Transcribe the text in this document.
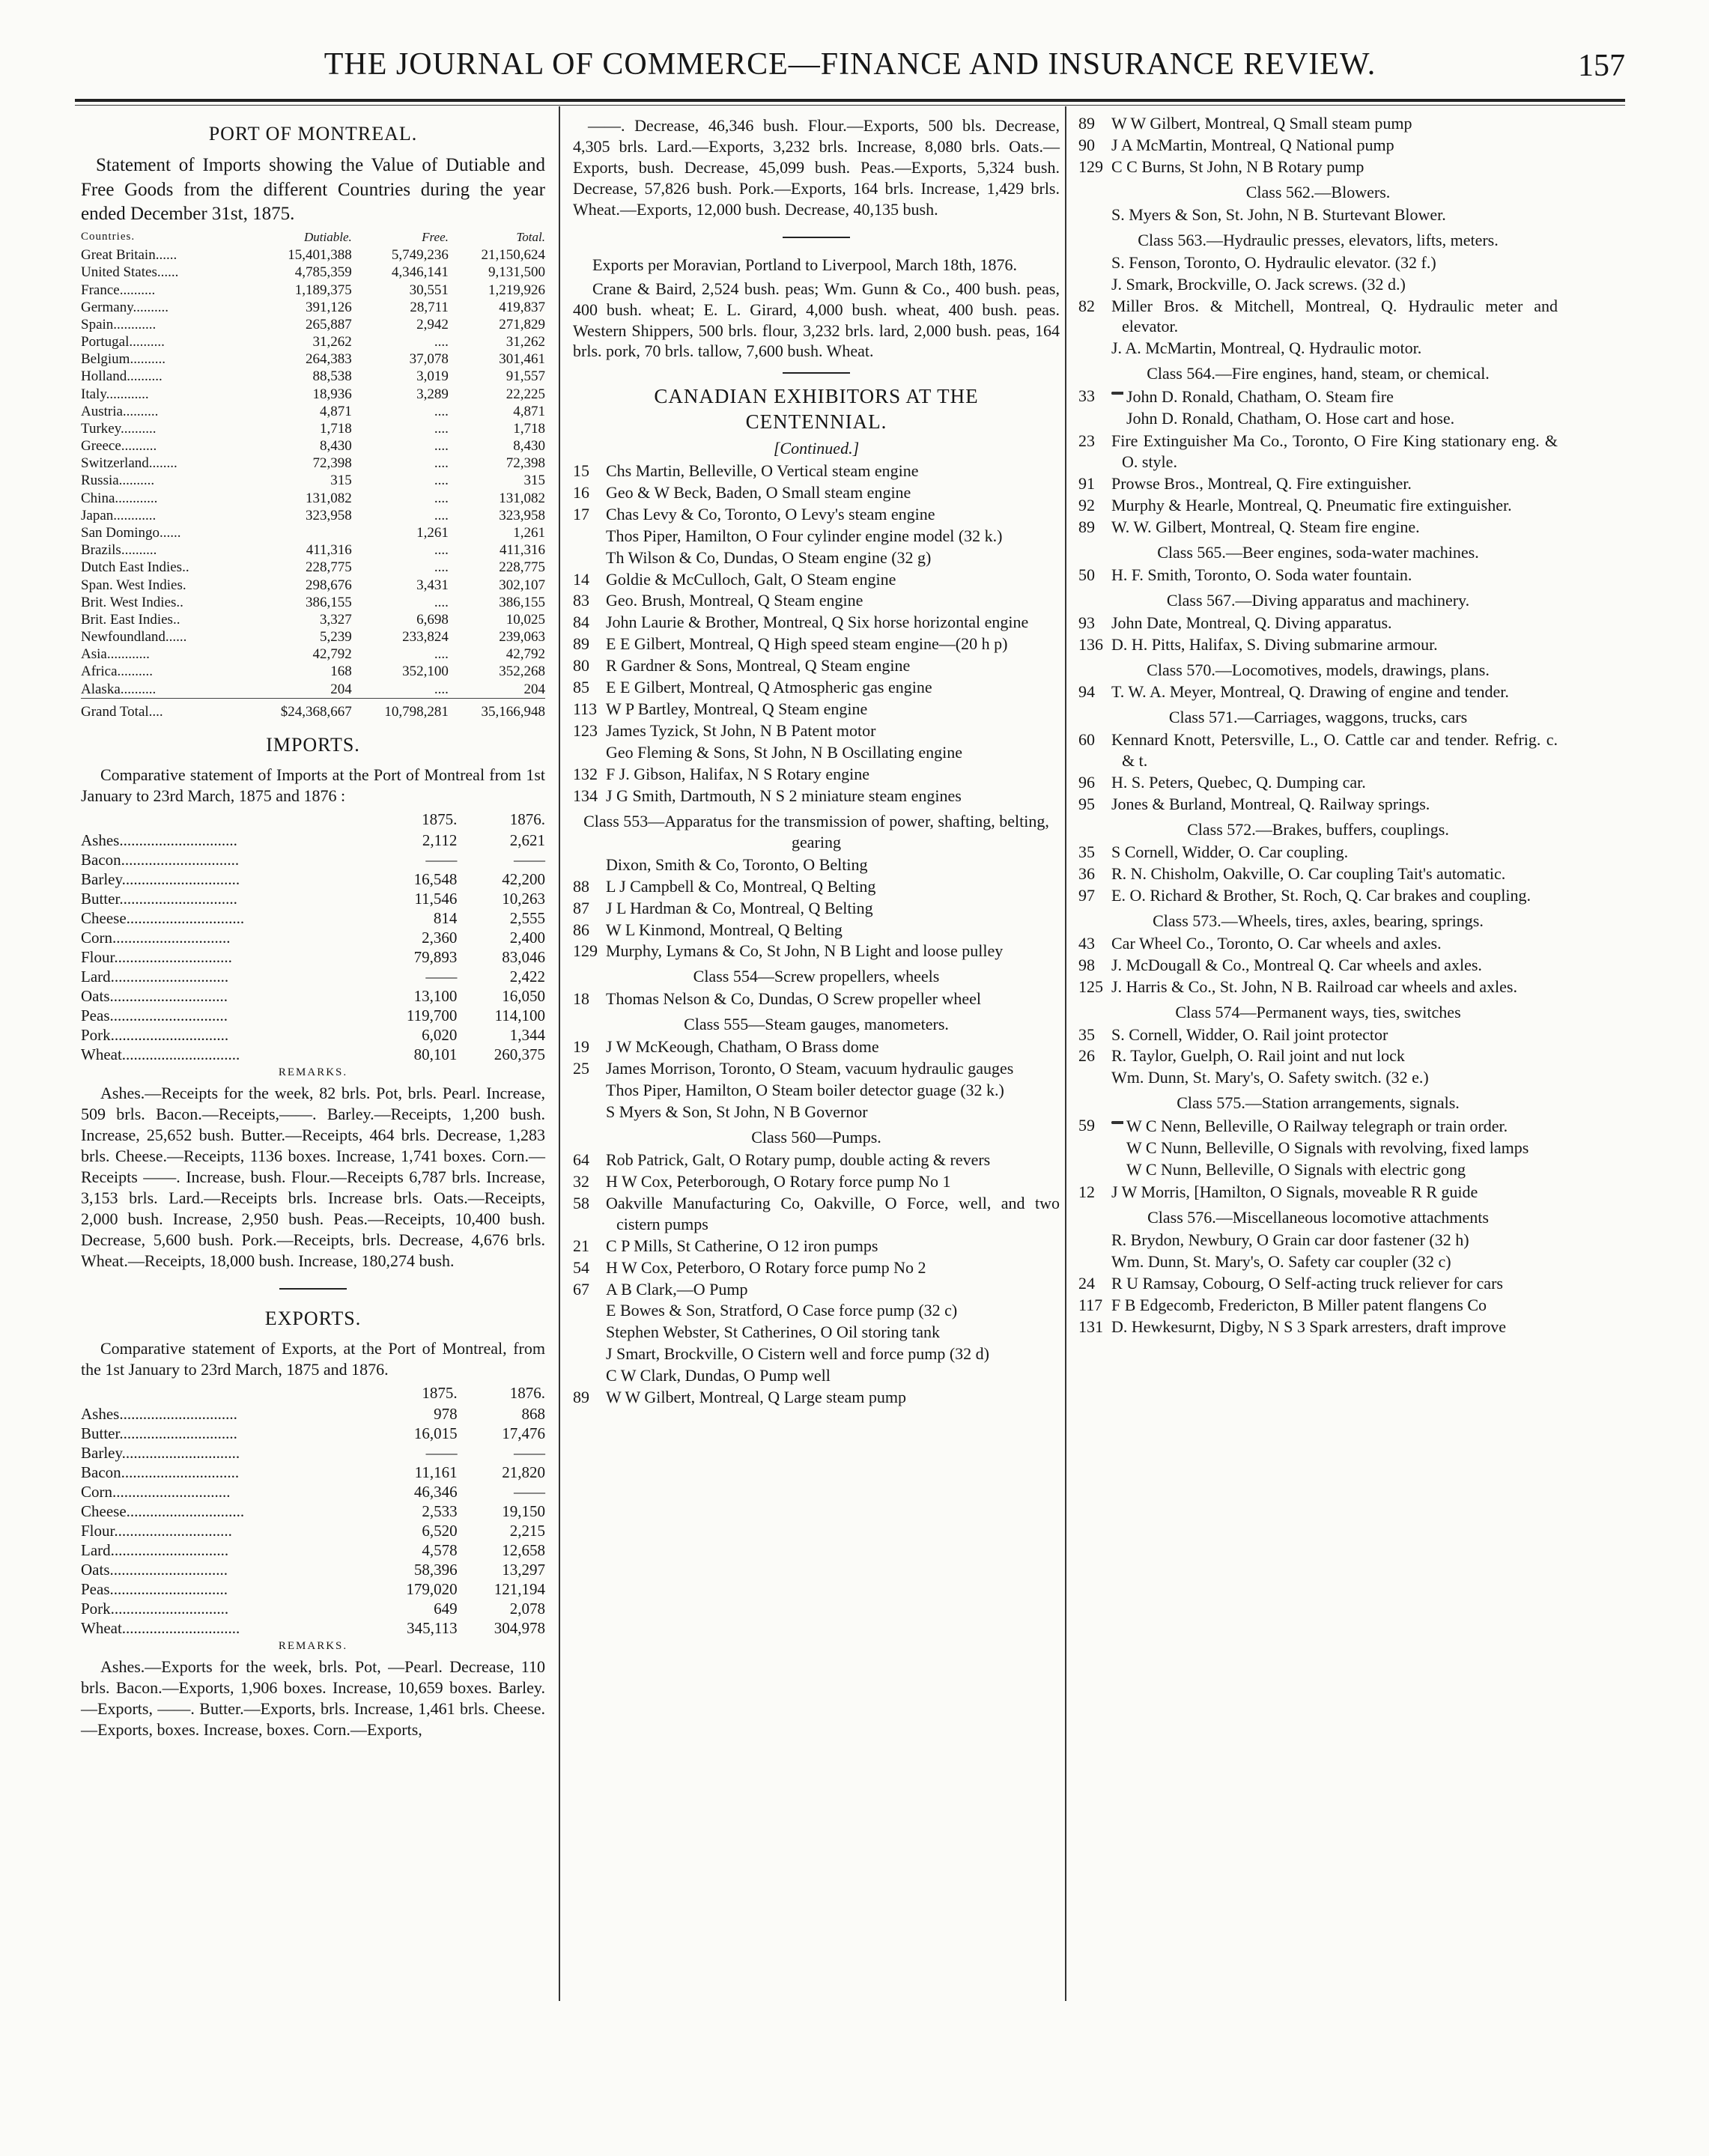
THE JOURNAL OF COMMERCE—FINANCE AND INSURANCE REVIEW.	157
PORT OF MONTREAL.
Statement of Imports showing the Value of Dutiable and Free Goods from the different Countries during the year ended December 31st, 1875.
Countries.	Dutiable.	Free.	Total.
Great Britain......	15,401,388	5,749,236	21,150,624
United States......	4,785,359	4,346,141	9,131,500
France..........	1,189,375	30,551	1,219,926
Germany..........	391,126	28,711	419,837
Spain............	265,887	2,942	271,829
Portugal..........	31,262	....	31,262
Belgium..........	264,383	37,078	301,461
Holland..........	88,538	3,019	91,557
Italy............	18,936	3,289	22,225
Austria..........	4,871	....	4,871
Turkey..........	1,718	....	1,718
Greece..........	8,430	....	8,430
Switzerland........	72,398	....	72,398
Russia..........	315	....	315
China............	131,082	....	131,082
Japan............	323,958	....	323,958
San Domingo......		1,261	1,261
Brazils..........	411,316	....	411,316
Dutch East Indies..	228,775	....	228,775
Span. West Indies.	298,676	3,431	302,107
Brit. West Indies..	386,155	....	386,155
Brit. East Indies..	3,327	6,698	10,025
Newfoundland......	5,239	233,824	239,063
Asia............	42,792	....	42,792
Africa..........	168	352,100	352,268
Alaska..........	204	....	204
Grand Total....	$24,368,667	10,798,281	35,166,948
IMPORTS.
Comparative statement of Imports at the Port of Montreal from 1st January to 23rd March, 1875 and 1876 :
	1875.	1876.
Ashes..............................	2,112	2,621
Bacon..............................	——	——
Barley..............................	16,548	42,200
Butter..............................	11,546	10,263
Cheese..............................	814	2,555
Corn..............................	2,360	2,400
Flour..............................	79,893	83,046
Lard..............................	——	2,422
Oats..............................	13,100	16,050
Peas..............................	119,700	114,100
Pork..............................	6,020	1,344
Wheat..............................	80,101	260,375
REMARKS.
Ashes.—Receipts for the week, 82 brls. Pot, brls. Pearl. Increase, 509 brls. Bacon.—Receipts,——. Barley.—Receipts, 1,200 bush. Increase, 25,652 bush. Butter.—Receipts, 464 brls. Decrease, 1,283 brls. Cheese.—Receipts, 1136 boxes. Increase, 1,741 boxes. Corn.—Receipts ——. Increase, bush. Flour.—Receipts 6,787 brls. Increase, 3,153 brls. Lard.—Receipts brls. Increase brls. Oats.—Receipts, 2,000 bush. Increase, 2,950 bush. Peas.—Receipts, 10,400 bush. Decrease, 5,600 bush. Pork.—Receipts, brls. Decrease, 4,676 brls. Wheat.—Receipts, 18,000 bush. Increase, 180,274 bush.
EXPORTS.
Comparative statement of Exports, at the Port of Montreal, from the 1st January to 23rd March, 1875 and 1876.
	1875.	1876.
Ashes..............................	978	868
Butter..............................	16,015	17,476
Barley..............................	——	——
Bacon..............................	11,161	21,820
Corn..............................	46,346	——
Cheese..............................	2,533	19,150
Flour..............................	6,520	2,215
Lard..............................	4,578	12,658
Oats..............................	58,396	13,297
Peas..............................	179,020	121,194
Pork..............................	649	2,078
Wheat..............................	345,113	304,978
REMARKS.
Ashes.—Exports for the week, brls. Pot, —Pearl. Decrease, 110 brls. Bacon.—Exports, 1,906 boxes. Increase, 10,659 boxes. Barley.—Exports, ——. Butter.—Exports, brls. Increase, 1,461 brls. Cheese.—Exports, boxes. Increase, boxes. Corn.—Exports,
——. Decrease, 46,346 bush. Flour.—Exports, 500 bls. Decrease, 4,305 brls. Lard.—Exports, 3,232 brls. Increase, 8,080 brls. Oats.—Exports, bush. Decrease, 45,099 bush. Peas.—Exports, 5,324 bush. Decrease, 57,826 bush. Pork.—Exports, 164 brls. Increase, 1,429 brls. Wheat.—Exports, 12,000 bush. Decrease, 40,135 bush.
Exports per Moravian, Portland to Liverpool, March 18th, 1876.
Crane & Baird, 2,524 bush. peas; Wm. Gunn & Co., 400 bush. peas, 400 bush. wheat; E. L. Girard, 4,000 bush. wheat, 400 bush. peas. Western Shippers, 500 brls. flour, 3,232 brls. lard, 2,000 bush. peas, 164 brls. pork, 70 brls. tallow, 7,600 bush. Wheat.
CANADIAN EXHIBITORS AT THE CENTENNIAL.
[Continued.]
15	Chs Martin, Belleville, O Vertical steam engine
16	Geo & W Beck, Baden, O Small steam engine
17	Chas Levy & Co, Toronto, O Levy's steam engine
Thos Piper, Hamilton, O Four cylinder engine model (32 k.)
Th Wilson & Co, Dundas, O Steam engine (32 g)
14	Goldie & McCulloch, Galt, O Steam engine
83	Geo. Brush, Montreal, Q Steam engine
84	John Laurie & Brother, Montreal, Q Six horse horizontal engine
89	E E Gilbert, Montreal, Q High speed steam engine—(20 h p)
80	R Gardner & Sons, Montreal, Q Steam engine
85	E E Gilbert, Montreal, Q Atmospheric gas engine
113 W P Bartley, Montreal, Q Steam engine
123 James Tyzick, St John, N B Patent motor
Geo Fleming & Sons, St John, N B Oscillating engine
132 F J. Gibson, Halifax, N S Rotary engine
134 J G Smith, Dartmouth, N S 2 miniature steam engines
Class 553—Apparatus for the transmission of power, shafting, belting, gearing
Dixon, Smith & Co, Toronto, O Belting
88	L J Campbell & Co, Montreal, Q Belting
87	J L Hardman & Co, Montreal, Q Belting
86	W L Kinmond, Montreal, Q Belting
129 Murphy, Lymans & Co, St John, N B Light and loose pulley
Class 554—Screw propellers, wheels
18	Thomas Nelson & Co, Dundas, O Screw propeller wheel
Class 555—Steam gauges, manometers.
19	J W McKeough, Chatham, O Brass dome
25	James Morrison, Toronto, O Steam, vacuum hydraulic gauges
Thos Piper, Hamilton, O Steam boiler detector guage (32 k.)
S Myers & Son, St John, N B Governor
Class 560—Pumps.
64	Rob Patrick, Galt, O Rotary pump, double acting & revers
32	H W Cox, Peterborough, O Rotary force pump No 1
58	Oakville Manufacturing Co, Oakville, O Force, well, and two cistern pumps
21	C P Mills, St Catherine, O 12 iron pumps
54	H W Cox, Peterboro, O Rotary force pump No 2
67	A B Clark,—O Pump
E Bowes & Son, Stratford, O Case force pump (32 c)
Stephen Webster, St Catherines, O Oil storing tank
J Smart, Brockville, O Cistern well and force pump (32 d)
C W Clark, Dundas, O Pump well
89	W W Gilbert, Montreal, Q Large steam pump
89	W W Gilbert, Montreal, Q Small steam pump
90	J A McMartin, Montreal, Q National pump
129 C C Burns, St John, N B Rotary pump
Class 562.—Blowers.
S. Myers & Son, St. John, N B. Sturtevant Blower.
Class 563.—Hydraulic presses, elevators, lifts, meters.
S. Fenson, Toronto, O. Hydraulic elevator. (32 f.)
J. Smark, Brockville, O. Jack screws. (32 d.)
82	Miller Bros. & Mitchell, Montreal, Q. Hydraulic meter and elevator.
J. A. McMartin, Montreal, Q. Hydraulic motor.
Class 564.—Fire engines, hand, steam, or chemical.
33	John D. Ronald, Chatham, O. Steam fire
John D. Ronald, Chatham, O. Hose cart and hose.
23	Fire Extinguisher Ma Co., Toronto, O Fire King stationary eng. & O. style.
91	Prowse Bros., Montreal, Q. Fire extinguisher.
92	Murphy & Hearle, Montreal, Q. Pneumatic fire extinguisher.
89	W. W. Gilbert, Montreal, Q. Steam fire engine.
Class 565.—Beer engines, soda-water machines.
50	H. F. Smith, Toronto, O. Soda water fountain.
Class 567.—Diving apparatus and machinery.
93	John Date, Montreal, Q. Diving apparatus.
136 D. H. Pitts, Halifax, S. Diving submarine armour.
Class 570.—Locomotives, models, drawings, plans.
94	T. W. A. Meyer, Montreal, Q. Drawing of engine and tender.
Class 571.—Carriages, waggons, trucks, cars
60	Kennard Knott, Petersville, L., O. Cattle car and tender. Refrig. c. & t.
96	H. S. Peters, Quebec, Q. Dumping car.
95	Jones & Burland, Montreal, Q. Railway springs.
Class 572.—Brakes, buffers, couplings.
35	S Cornell, Widder, O. Car coupling.
36	R. N. Chisholm, Oakville, O. Car coupling Tait's automatic.
97	E. O. Richard & Brother, St. Roch, Q. Car brakes and coupling.
Class 573.—Wheels, tires, axles, bearing, springs.
43	Car Wheel Co., Toronto, O. Car wheels and axles.
98	J. McDougall & Co., Montreal Q. Car wheels and axles.
125 J. Harris & Co., St. John, N B. Railroad car wheels and axles.
Class 574—Permanent ways, ties, switches
35	S. Cornell, Widder, O. Rail joint protector
26	R. Taylor, Guelph, O. Rail joint and nut lock
Wm. Dunn, St. Mary's, O. Safety switch. (32 e.)
Class 575.—Station arrangements, signals.
59	W C Nenn, Belleville, O Railway telegraph or train order.
W C Nunn, Belleville, O Signals with revolving, fixed lamps
W C Nunn, Belleville, O Signals with electric gong
12	J W Morris, [Hamilton, O Signals, moveable R R guide
Class 576.—Miscellaneous locomotive attachments
R. Brydon, Newbury, O Grain car door fastener (32 h)
Wm. Dunn, St. Mary's, O. Safety car coupler (32 c)
24	R U Ramsay, Cobourg, O Self-acting truck reliever for cars
117 F B Edgecomb, Fredericton, B Miller patent flangens Co
131 D. Hewkesurnt, Digby, N S 3 Spark arresters, draft improve
